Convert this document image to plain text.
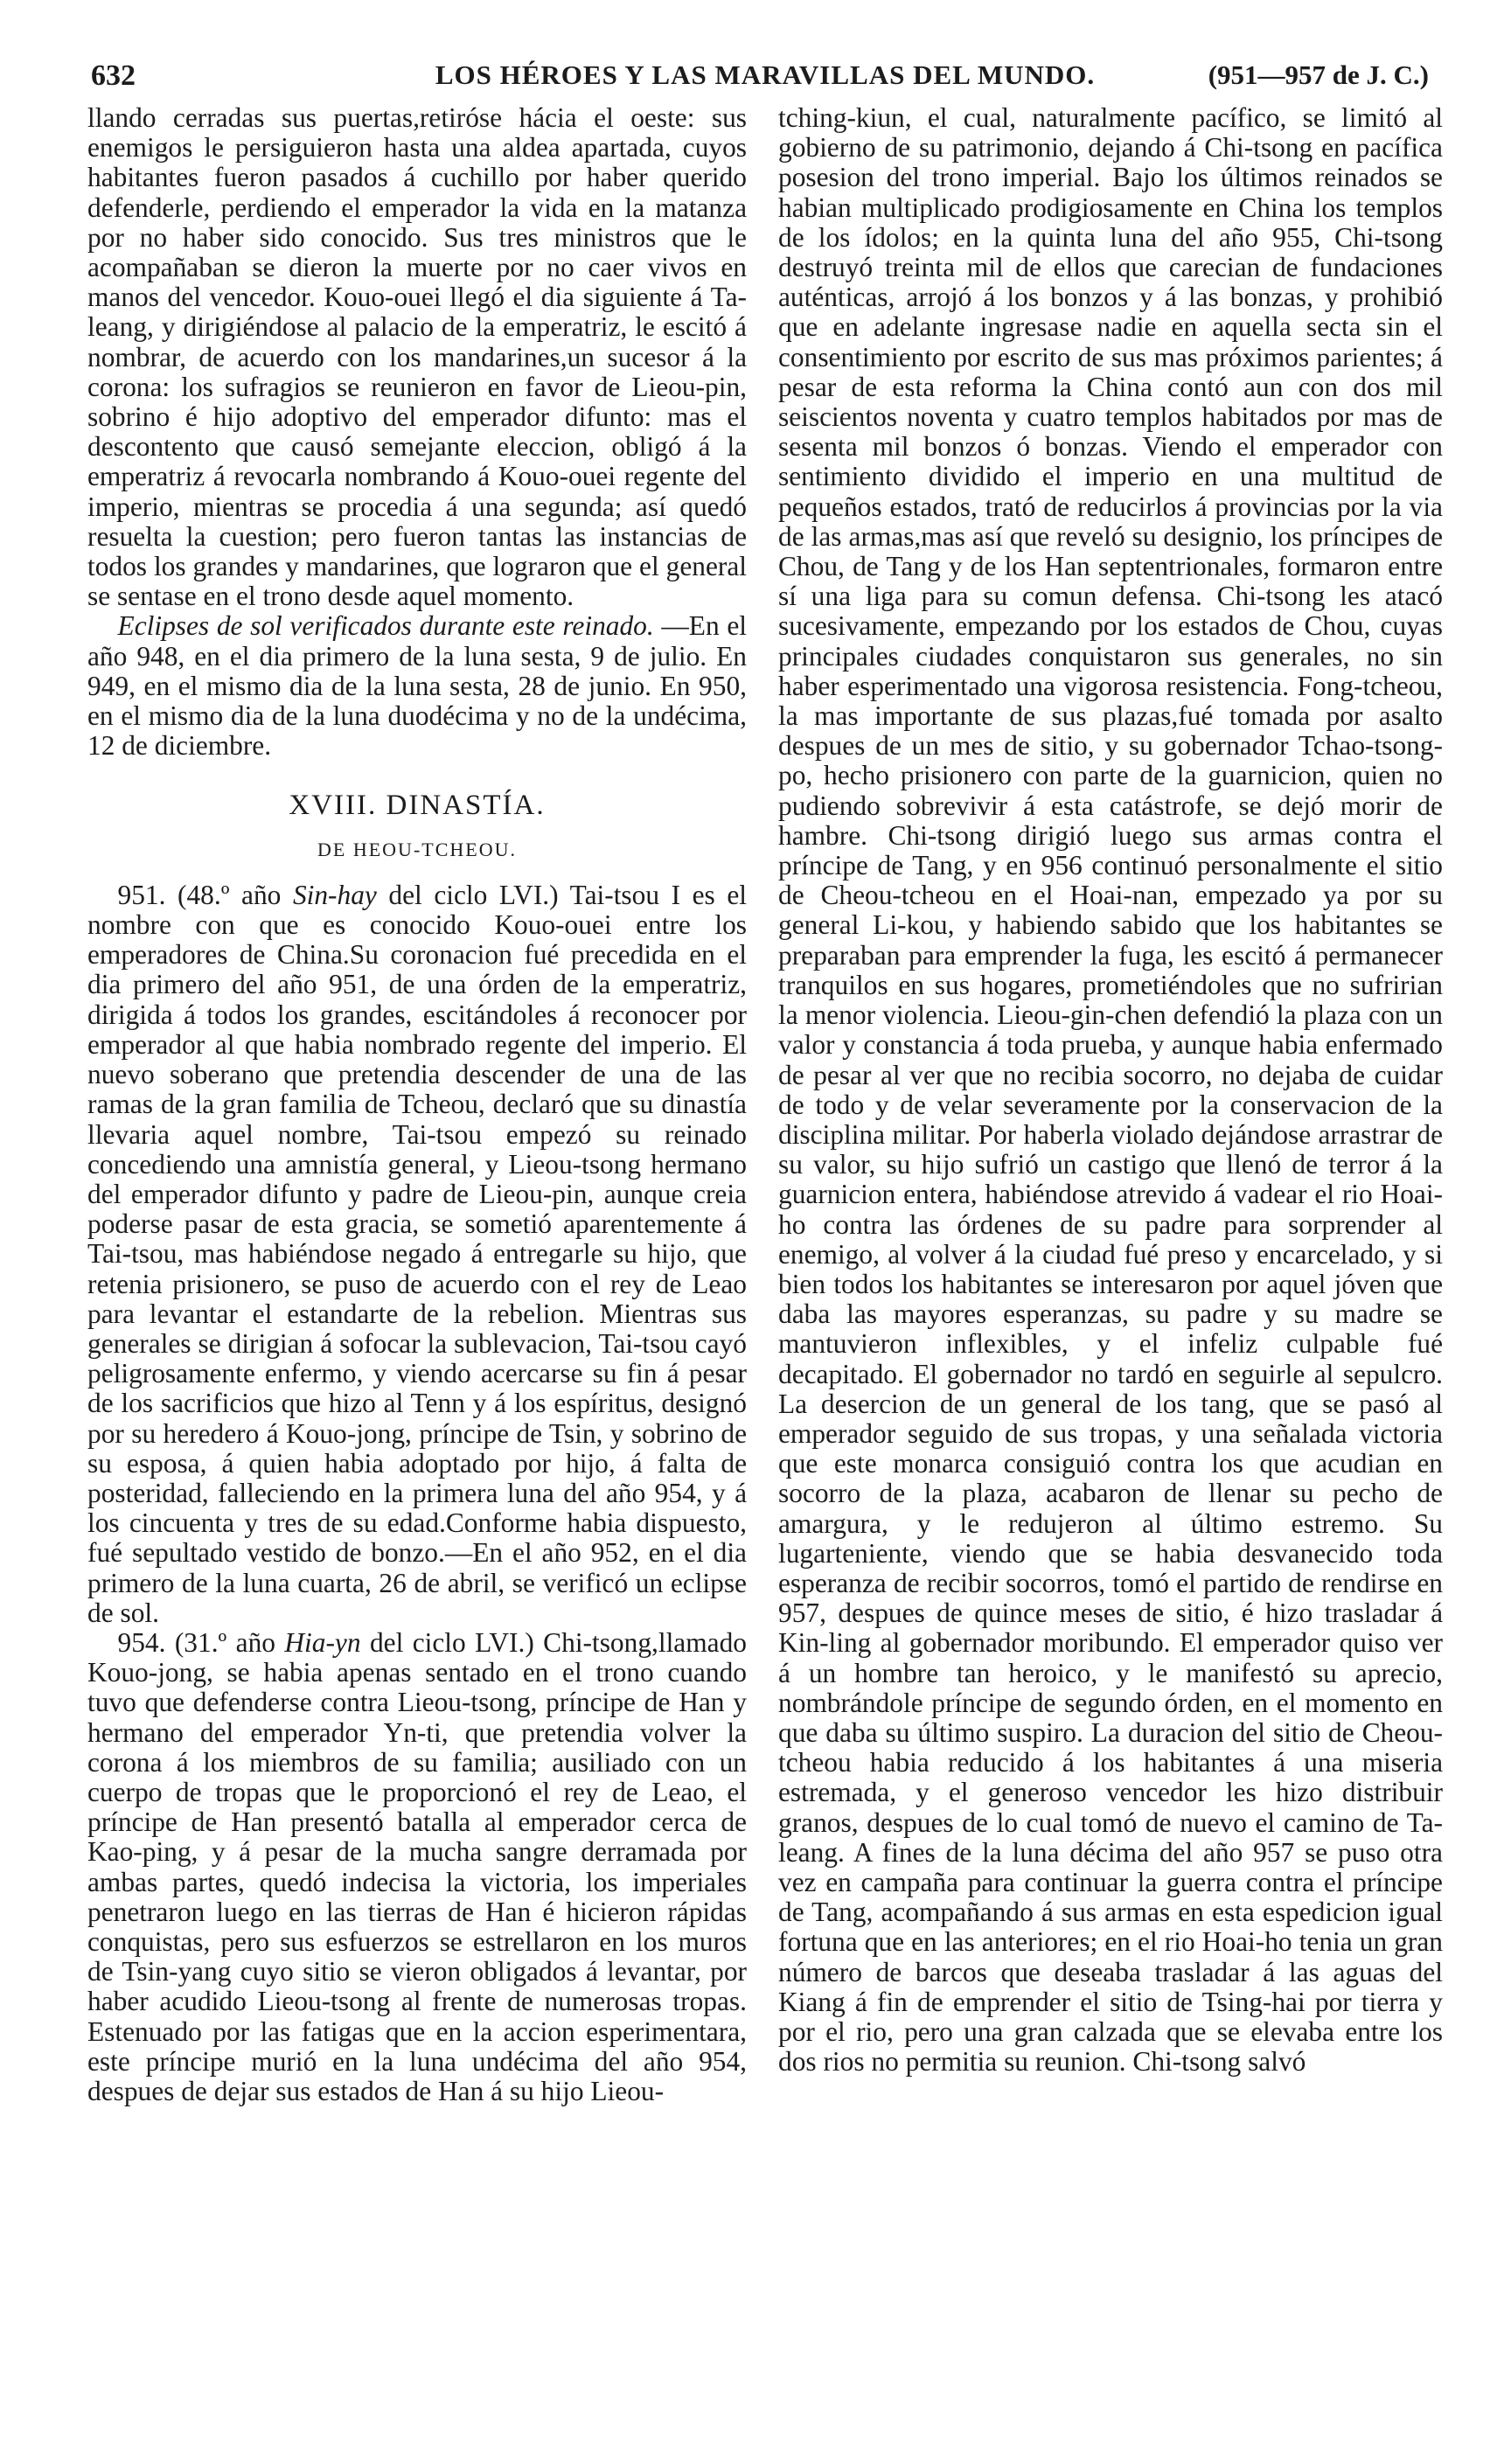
632	LOS HÉROES Y LAS MARAVILLAS DEL MUNDO.	(951—957 de J. C.)

llando cerradas sus puertas,retiróse hácia el oeste: sus enemigos le persiguieron hasta una aldea apartada, cuyos habitantes fueron pasados á cuchillo por haber querido defenderle, perdiendo el emperador la vida en la matanza por no haber sido conocido. Sus tres ministros que le acompañaban se dieron la muerte por no caer vivos en manos del vencedor. Kouo-ouei llegó el dia siguiente á Ta-leang, y dirigiéndose al palacio de la emperatriz, le escitó á nombrar, de acuerdo con los mandarines,un sucesor á la corona: los sufragios se reunieron en favor de Lieou-pin, sobrino é hijo adoptivo del emperador difunto: mas el descontento que causó semejante eleccion, obligó á la emperatriz á revocarla nombrando á Kouo-ouei regente del imperio, mientras se procedia á una segunda; así quedó resuelta la cuestion; pero fueron tantas las instancias de todos los grandes y mandarines, que lograron que el general se sentase en el trono desde aquel momento.

Eclipses de sol verificados durante este reinado. —En el año 948, en el dia primero de la luna sesta, 9 de julio. En 949, en el mismo dia de la luna sesta, 28 de junio. En 950, en el mismo dia de la luna duodécima y no de la undécima, 12 de diciembre.

XVIII. DINASTÍA.
DE HEOU-TCHEOU.

951. (48.º año Sin-hay del ciclo LVI.) Tai-tsou I es el nombre con que es conocido Kouo-ouei entre los emperadores de China.Su coronacion fué precedida en el dia primero del año 951, de una órden de la emperatriz, dirigida á todos los grandes, escitándoles á reconocer por emperador al que habia nombrado regente del imperio. El nuevo soberano que pretendia descender de una de las ramas de la gran familia de Tcheou, declaró que su dinastía llevaria aquel nombre, Tai-tsou empezó su reinado concediendo una amnistía general, y Lieou-tsong hermano del emperador difunto y padre de Lieou-pin, aunque creia poderse pasar de esta gracia, se sometió aparentemente á Tai-tsou, mas habiéndose negado á entregarle su hijo, que retenia prisionero, se puso de acuerdo con el rey de Leao para levantar el estandarte de la rebelion. Mientras sus generales se dirigian á sofocar la sublevacion, Tai-tsou cayó peligrosamente enfermo, y viendo acercarse su fin á pesar de los sacrificios que hizo al Tenn y á los espíritus, designó por su heredero á Kouo-jong, príncipe de Tsin, y sobrino de su esposa, á quien habia adoptado por hijo, á falta de posteridad, falleciendo en la primera luna del año 954, y á los cincuenta y tres de su edad.Conforme habia dispuesto, fué sepultado vestido de bonzo.—En el año 952, en el dia primero de la luna cuarta, 26 de abril, se verificó un eclipse de sol.

954. (31.º año Hia-yn del ciclo LVI.) Chi-tsong,llamado Kouo-jong, se habia apenas sentado en el trono cuando tuvo que defenderse contra Lieou-tsong, príncipe de Han y hermano del emperador Yn-ti, que pretendia volver la corona á los miembros de su familia; ausiliado con un cuerpo de tropas que le proporcionó el rey de Leao, el príncipe de Han presentó batalla al emperador cerca de Kao-ping, y á pesar de la mucha sangre derramada por ambas partes, quedó indecisa la victoria, los imperiales penetraron luego en las tierras de Han é hicieron rápidas conquistas, pero sus esfuerzos se estrellaron en los muros de Tsin-yang cuyo sitio se vieron obligados á levantar, por haber acudido Lieou-tsong al frente de numerosas tropas. Estenuado por las fatigas que en la accion esperimentara, este príncipe murió en la luna undécima del año 954, despues de dejar sus estados de Han á su hijo Lieou-

tching-kiun, el cual, naturalmente pacífico, se limitó al gobierno de su patrimonio, dejando á Chi-tsong en pacífica posesion del trono imperial. Bajo los últimos reinados se habian multiplicado prodigiosamente en China los templos de los ídolos; en la quinta luna del año 955, Chi-tsong destruyó treinta mil de ellos que carecian de fundaciones auténticas, arrojó á los bonzos y á las bonzas, y prohibió que en adelante ingresase nadie en aquella secta sin el consentimiento por escrito de sus mas próximos parientes; á pesar de esta reforma la China contó aun con dos mil seiscientos noventa y cuatro templos habitados por mas de sesenta mil bonzos ó bonzas. Viendo el emperador con sentimiento dividido el imperio en una multitud de pequeños estados, trató de reducirlos á provincias por la via de las armas,mas así que reveló su designio, los príncipes de Chou, de Tang y de los Han septentrionales, formaron entre sí una liga para su comun defensa. Chi-tsong les atacó sucesivamente, empezando por los estados de Chou, cuyas principales ciudades conquistaron sus generales, no sin haber esperimentado una vigorosa resistencia. Fong-tcheou, la mas importante de sus plazas,fué tomada por asalto despues de un mes de sitio, y su gobernador Tchao-tsong-po, hecho prisionero con parte de la guarnicion, quien no pudiendo sobrevivir á esta catástrofe, se dejó morir de hambre. Chi-tsong dirigió luego sus armas contra el príncipe de Tang, y en 956 continuó personalmente el sitio de Cheou-tcheou en el Hoai-nan, empezado ya por su general Li-kou, y habiendo sabido que los habitantes se preparaban para emprender la fuga, les escitó á permanecer tranquilos en sus hogares, prometiéndoles que no sufririan la menor violencia. Lieou-gin-chen defendió la plaza con un valor y constancia á toda prueba, y aunque habia enfermado de pesar al ver que no recibia socorro, no dejaba de cuidar de todo y de velar severamente por la conservacion de la disciplina militar. Por haberla violado dejándose arrastrar de su valor, su hijo sufrió un castigo que llenó de terror á la guarnicion entera, habiéndose atrevido á vadear el rio Hoai-ho contra las órdenes de su padre para sorprender al enemigo, al volver á la ciudad fué preso y encarcelado, y si bien todos los habitantes se interesaron por aquel jóven que daba las mayores esperanzas, su padre y su madre se mantuvieron inflexibles, y el infeliz culpable fué decapitado. El gobernador no tardó en seguirle al sepulcro. La desercion de un general de los tang, que se pasó al emperador seguido de sus tropas, y una señalada victoria que este monarca consiguió contra los que acudian en socorro de la plaza, acabaron de llenar su pecho de amargura, y le redujeron al último estremo. Su lugarteniente, viendo que se habia desvanecido toda esperanza de recibir socorros, tomó el partido de rendirse en 957, despues de quince meses de sitio, é hizo trasladar á Kin-ling al gobernador moribundo. El emperador quiso ver á un hombre tan heroico, y le manifestó su aprecio, nombrándole príncipe de segundo órden, en el momento en que daba su último suspiro. La duracion del sitio de Cheou-tcheou habia reducido á los habitantes á una miseria estremada, y el generoso vencedor les hizo distribuir granos, despues de lo cual tomó de nuevo el camino de Ta-leang. A fines de la luna décima del año 957 se puso otra vez en campaña para continuar la guerra contra el príncipe de Tang, acompañando á sus armas en esta espedicion igual fortuna que en las anteriores; en el rio Hoai-ho tenia un gran número de barcos que deseaba trasladar á las aguas del Kiang á fin de emprender el sitio de Tsing-hai por tierra y por el rio, pero una gran calzada que se elevaba entre los dos rios no permitia su reunion. Chi-tsong salvó
